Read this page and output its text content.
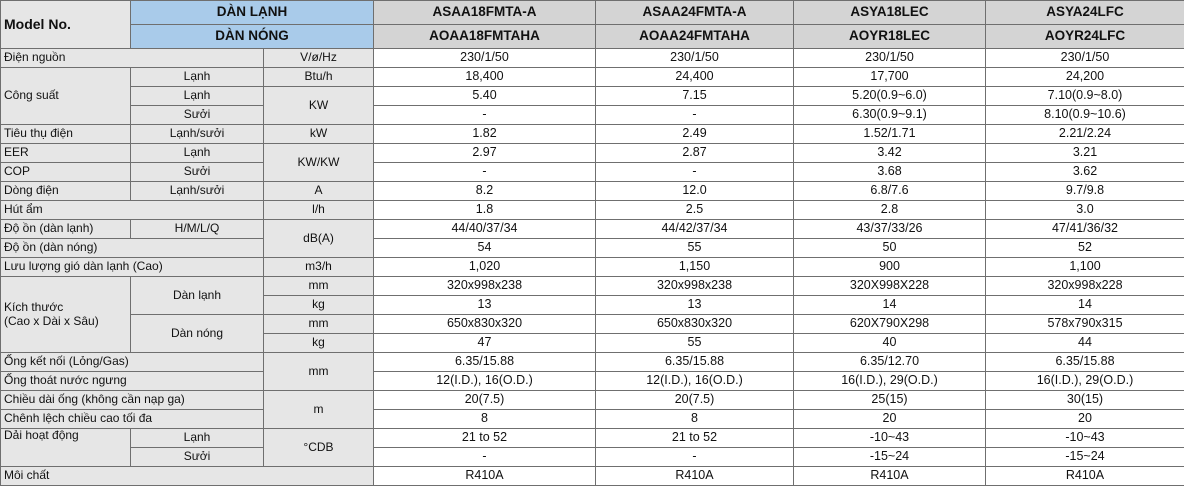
Model No.	DÀN LẠNH		ASAA18FMTA-A	ASAA24FMTA-A	ASYA18LEC	ASYA24LFC
	DÀN NÓNG		AOAA18FMTAHA	AOAA24FMTAHA	AOYR18LEC	AOYR24LFC
Điện nguồn		V/ø/Hz	230/1/50	230/1/50	230/1/50	230/1/50
Công suất	Lạnh	Btu/h	18,400	24,400	17,700	24,200
	Lạnh	KW	5.40	7.15	5.20(0.9~6.0)	7.10(0.9~8.0)
	Sưởi		-	-	6.30(0.9~9.1)	8.10(0.9~10.6)
Tiêu thụ điện	Lạnh/sưởi	kW	1.82	2.49	1.52/1.71	2.21/2.24
EER	Lạnh	KW/KW	2.97	2.87	3.42	3.21
COP	Sưởi		-	-	3.68	3.62
Dòng điện	Lạnh/sưởi	A	8.2	12.0	6.8/7.6	9.7/9.8
Hút ẩm		l/h	1.8	2.5	2.8	3.0
Độ ồn (dàn lạnh)	H/M/L/Q	dB(A)	44/40/37/34	44/42/37/34	43/37/33/26	47/41/36/32
Độ ồn (dàn nóng)			54	55	50	52
Lưu lượng gió dàn lạnh (Cao)		m3/h	1,020	1,150	900	1,100
Kích thước
(Cao x Dài x Sâu)	Dàn lạnh	mm	320x998x238	320x998x238	320X998X228	320x998x228
		kg	13	13	14	14
	Dàn nóng	mm	650x830x320	650x830x320	620X790X298	578x790x315
		kg	47	55	40	44
Ống kết nối (Lỏng/Gas)		mm	6.35/15.88	6.35/15.88	6.35/12.70	6.35/15.88
Ống thoát nước ngưng			12(I.D.), 16(O.D.)	12(I.D.), 16(O.D.)	16(I.D.), 29(O.D.)	16(I.D.), 29(O.D.)
Chiều dài ống (không cần nạp ga)		m	20(7.5)	20(7.5)	25(15)	30(15)
Chênh lệch chiều cao tối đa			8	8	20	20
Dải hoạt động	Lạnh	°CDB	21 to 52	21 to 52	-10~43	-10~43
	Sưởi		-	-	-15~24	-15~24
Môi chất			R410A	R410A	R410A	R410A
